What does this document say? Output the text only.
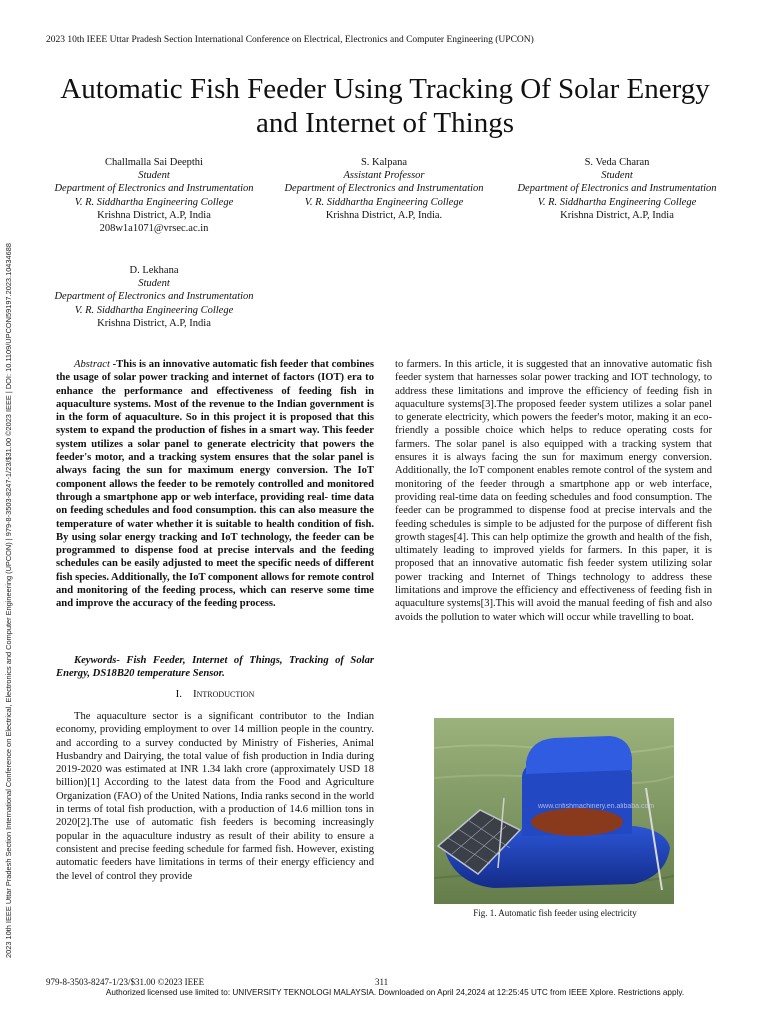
2023 10th IEEE Uttar Pradesh Section International Conference on Electrical, Electronics and Computer Engineering (UPCON)
2023 10th IEEE Uttar Pradesh Section International Conference on Electrical, Electronics and Computer Engineering (UPCON) | 979-8-3503-8247-1/23/$31.00 ©2023 IEEE | DOI: 10.1109/UPCON59197.2023.10434688
Automatic Fish Feeder Using Tracking Of Solar Energy and Internet of Things
Challmalla Sai Deepthi
Student
Department of Electronics and Instrumentation
V. R. Siddhartha Engineering College
Krishna District, A.P, India
208w1a1071@vrsec.ac.in
S. Kalpana
Assistant Professor
Department of Electronics and Instrumentation
V. R. Siddhartha Engineering College
Krishna District, A.P, India.
S. Veda Charan
Student
Department of Electronics and Instrumentation
V. R. Siddhartha Engineering College
Krishna District, A.P, India
D. Lekhana
Student
Department of Electronics and Instrumentation
V. R. Siddhartha Engineering College
Krishna District, A.P, India

Abstract -This is an innovative automatic fish feeder that combines the usage of solar power tracking and internet of factors (IOT) era to enhance the performance and effectiveness of feeding fish in aquaculture systems. Most of the revenue to the Indian government is in the form of aquaculture. So in this project it is proposed that this system to expand the production of fishes in a smart way. This feeder system utilizes a solar panel to generate electricity that powers the feeder's motor, and a tracking system ensures that the solar panel is always facing the sun for maximum energy conversion. The IoT component allows the feeder to be remotely controlled and monitored through a smartphone app or web interface, providing real- time data on feeding schedules and food consumption. this can also measure the temperature of water whether it is suitable to health condition of fish. By using solar energy tracking and IoT technology, the feeder can be programmed to dispense food at precise intervals and the feeding schedules can be easily adjusted to meet the specific needs of different fish species. Additionally, the IoT component allows for remote control and monitoring of the feeding process, which can reserve some time and improve the accuracy of the feeding process.

Keywords- Fish Feeder, Internet of Things, Tracking of Solar Energy, DS18B20 temperature Sensor.

I. Introduction

The aquaculture sector is a significant contributor to the Indian economy, providing employment to over 14 million people in the country. and according to a survey conducted by Ministry of Fisheries, Animal Husbandry and Dairying, the total value of fish production in India during 2019-2020 was estimated at INR 1.34 lakh crore (approximately USD 18 billion)[1] According to the latest data from the Food and Agriculture Organization (FAO) of the United Nations, India ranks second in the world in terms of total fish production, with a production of 14.6 million tons in 2020[2].The use of automatic fish feeders is becoming increasingly popular in the aquaculture industry as result of their ability to ensure a consistent and precise feeding schedule for farmed fish. However, existing automatic feeders have limitations in terms of their energy efficiency and the level of control they provide

to farmers. In this article, it is suggested that an innovative automatic fish feeder system that harnesses solar power tracking and IOT technology, to address these limitations and improve the efficiency of feeding fish in aquaculture systems[3].The proposed feeder system utilizes a solar panel to generate electricity, which powers the feeder's motor, making it an eco-friendly a possible choice which helps to reduce operating costs for farmers. The solar panel is also equipped with a tracking system that ensures it is always facing the sun for maximum energy conversion. Additionally, the IoT component enables remote control of the system and monitoring of the feeder through a smartphone app or web interface, providing real-time data on feeding schedules and food consumption. The feeder can be programmed to dispense food at precise intervals and the feeding schedules is simple to be adjusted for the purpose of different fish growth stages[4]. This can help optimize the growth and health of the fish, ultimately leading to improved yields for farmers. In this paper, it is proposed that an innovative automatic fish feeder system utilizing solar power tracking and Internet of Things technology to address these limitations and improve the efficiency and effectiveness of feeding fish in aquaculture systems[3].This will avoid the manual feeding of fish and also avoids the pollution to water which will occur while travelling to boat.

www.cnfishmachinery.en.alibaba.com
Fig. 1. Automatic fish feeder using electricity
979-8-3503-8247-1/23/$31.00 ©2023 IEEE	311
Authorized licensed use limited to: UNIVERSITY TEKNOLOGI MALAYSIA. Downloaded on April 24,2024 at 12:25:45 UTC from IEEE Xplore. Restrictions apply.
